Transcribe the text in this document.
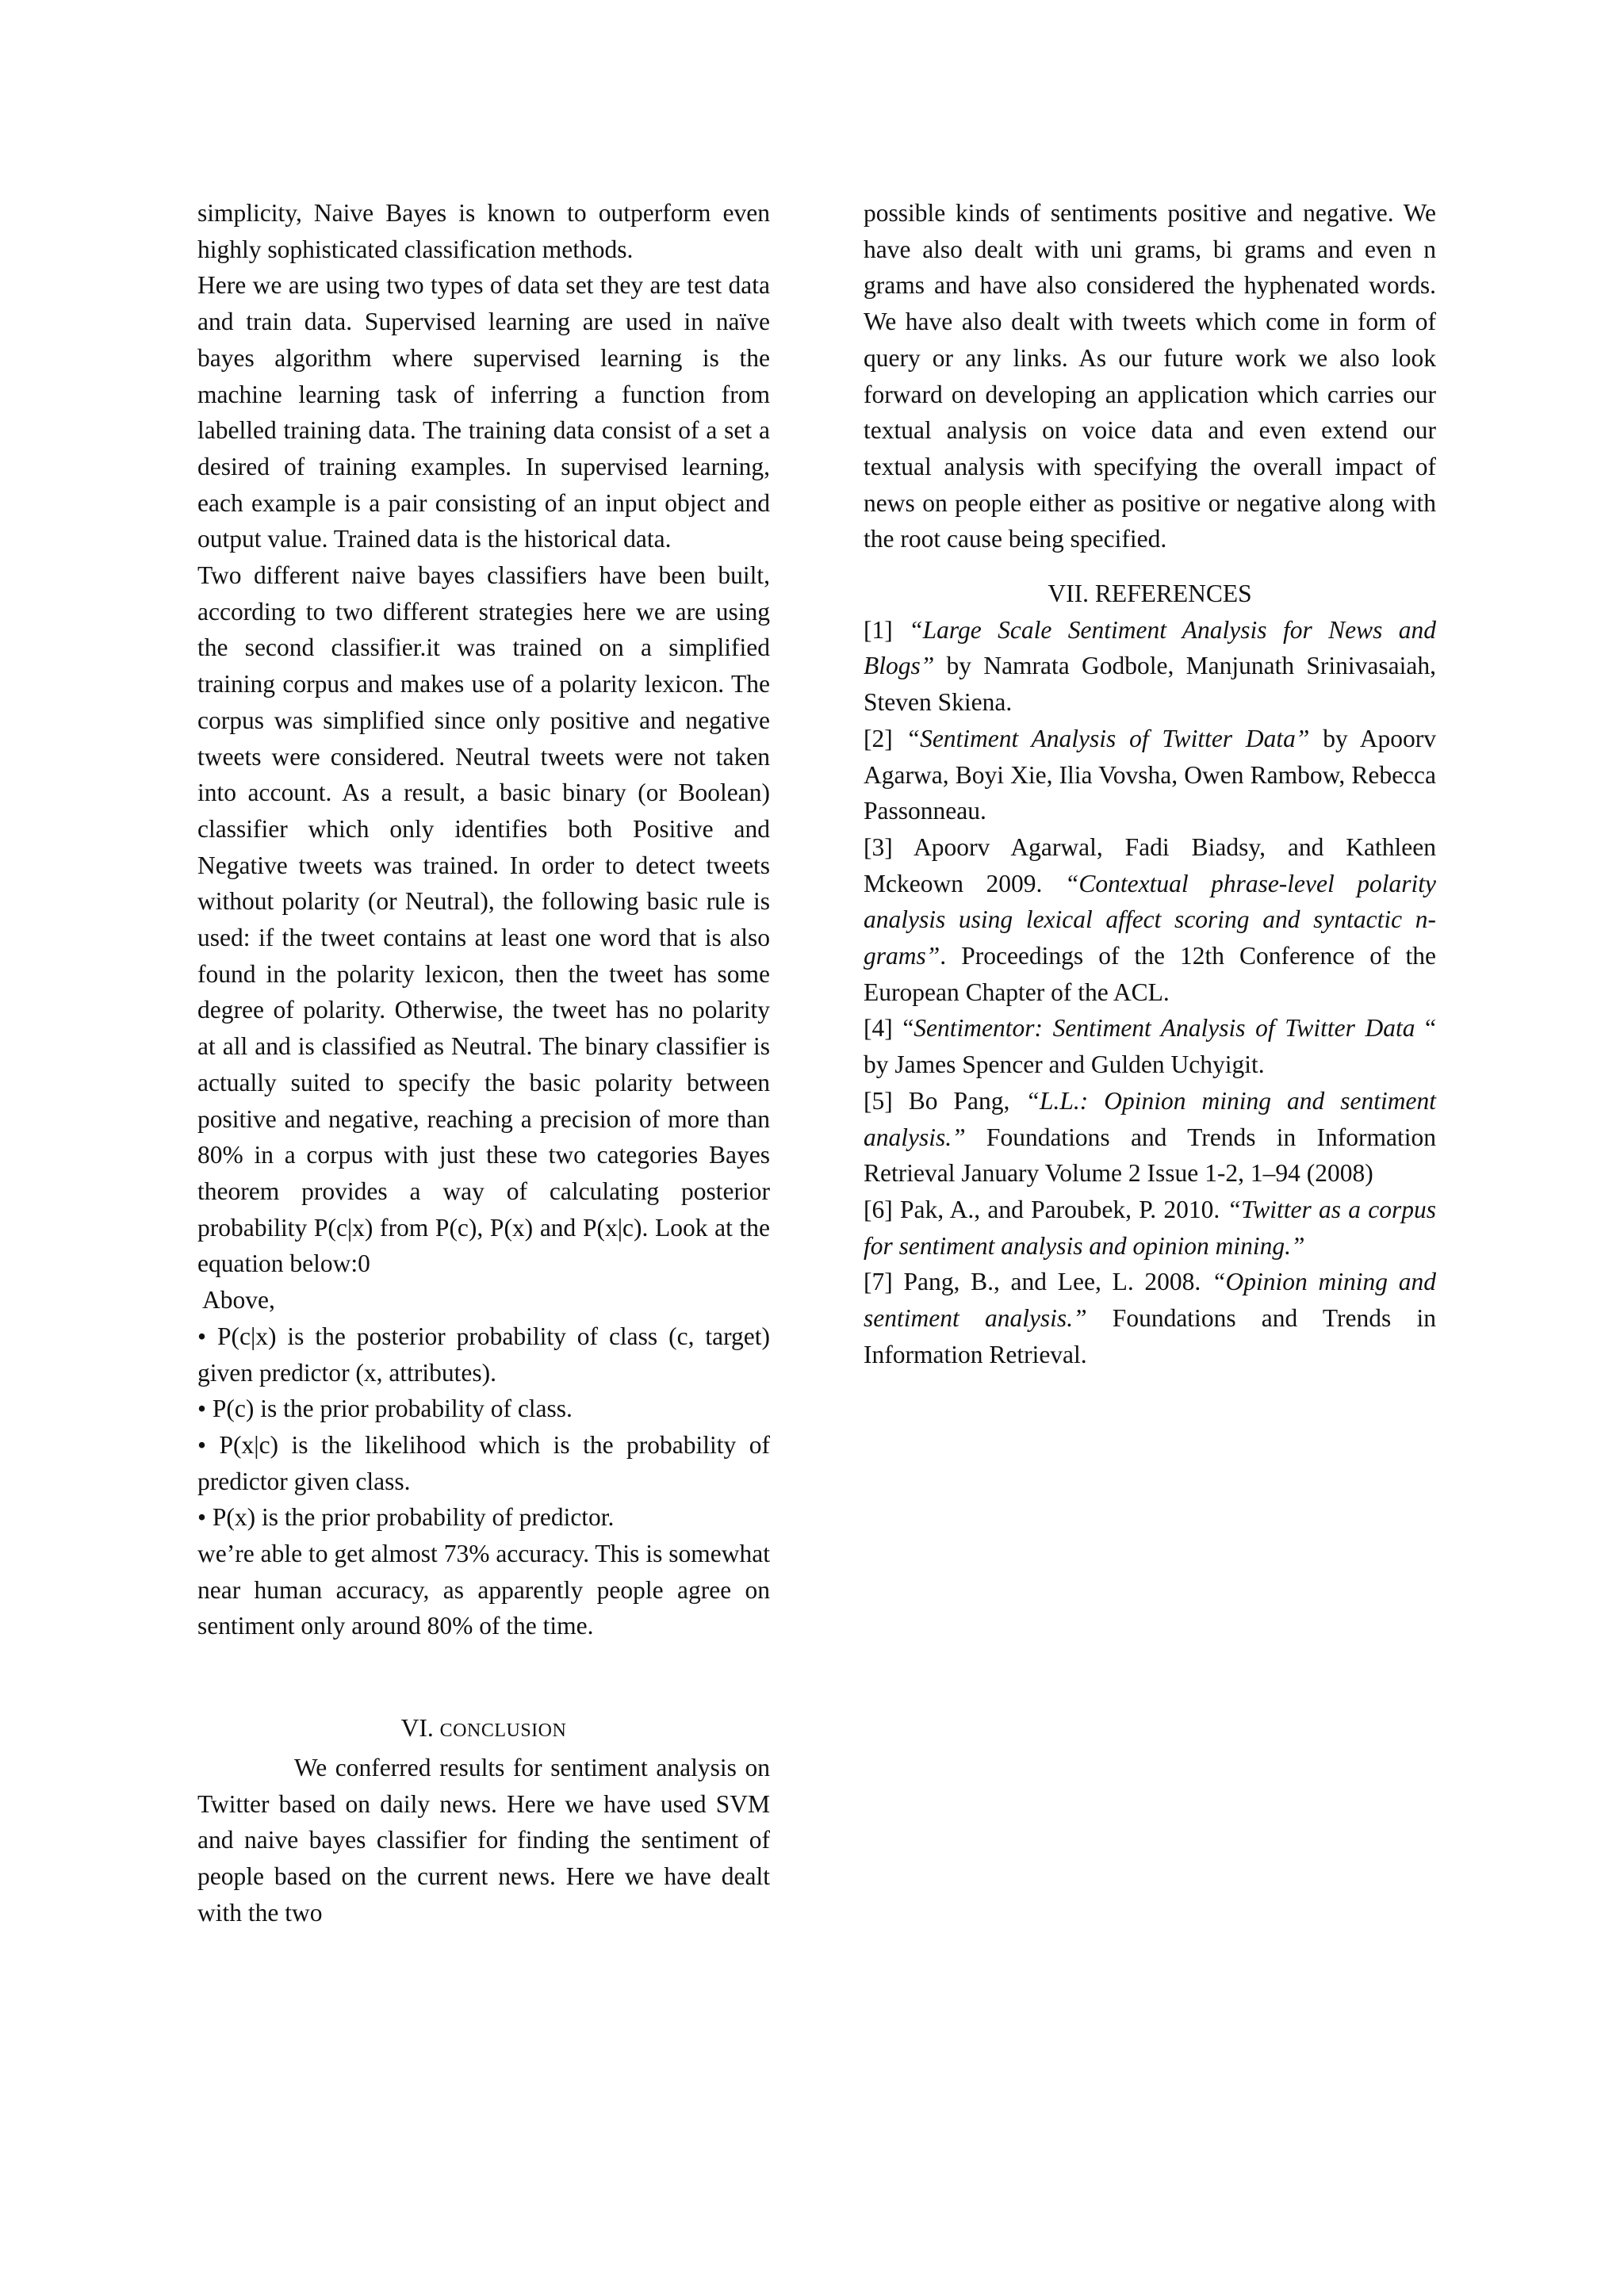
simplicity, Naive Bayes is known to outperform even highly sophisticated classification methods.

Here we are using two types of data set they are test data and train data. Supervised learning are used in naïve bayes algorithm where supervised learning is the machine learning task of inferring a function from labelled training data. The training data consist of a set a desired of training examples. In supervised learning, each example is a pair consisting of an input object and output value. Trained data is the historical data.

Two different naive bayes classifiers have been built, according to two different strategies here we are using the second classifier.it was trained on a simplified training corpus and makes use of a polarity lexicon. The corpus was simplified since only positive and negative tweets were considered. Neutral tweets were not taken into account. As a result, a basic binary (or Boolean) classifier which only identifies both Positive and Negative tweets was trained. In order to detect tweets without polarity (or Neutral), the following basic rule is used: if the tweet contains at least one word that is also found in the polarity lexicon, then the tweet has some degree of polarity. Otherwise, the tweet has no polarity at all and is classified as Neutral. The binary classifier is actually suited to specify the basic polarity between positive and negative, reaching a precision of more than 80% in a corpus with just these two categories Bayes theorem provides a way of calculating posterior probability P(c|x) from P(c), P(x) and P(x|c). Look at the equation below:0

Above,

• P(c|x) is the posterior probability of class (c, target) given predictor (x, attributes).

• P(c) is the prior probability of class.

• P(x|c) is the likelihood which is the probability of predictor given class.

• P(x) is the prior probability of predictor.

we’re able to get almost 73% accuracy. This is somewhat near human accuracy, as apparently people agree on sentiment only around 80% of the time.

VI. CONCLUSION

We conferred results for sentiment analysis on Twitter based on daily news. Here we have used SVM and naive bayes classifier for finding the sentiment of people based on the current news. Here we have dealt with the two

possible kinds of sentiments positive and negative. We have also dealt with uni grams, bi grams and even n grams and have also considered the hyphenated words. We have also dealt with tweets which come in form of query or any links. As our future work we also look forward on developing an application which carries our textual analysis on voice data and even extend our textual analysis with specifying the overall impact of news on people either as positive or negative along with the root cause being specified.

VII. REFERENCES

[1] “Large Scale Sentiment Analysis for News and Blogs” by Namrata Godbole, Manjunath Srinivasaiah, Steven Skiena.

[2] “Sentiment Analysis of Twitter Data” by Apoorv Agarwa, Boyi Xie, Ilia Vovsha, Owen Rambow, Rebecca Passonneau.

[3] Apoorv Agarwal, Fadi Biadsy, and Kathleen Mckeown 2009. “Contextual phrase-level polarity analysis using lexical affect scoring and syntactic n-grams”. Proceedings of the 12th Conference of the European Chapter of the ACL.

[4] “Sentimentor: Sentiment Analysis of Twitter Data “ by James Spencer and Gulden Uchyigit.

[5] Bo Pang, “L.L.: Opinion mining and sentiment analysis.” Foundations and Trends in Information Retrieval January Volume 2 Issue 1-2, 1–94 (2008)

[6] Pak, A., and Paroubek, P. 2010. “Twitter as a corpus for sentiment analysis and opinion mining.”

[7] Pang, B., and Lee, L. 2008. “Opinion mining and sentiment analysis.” Foundations and Trends in Information Retrieval.
